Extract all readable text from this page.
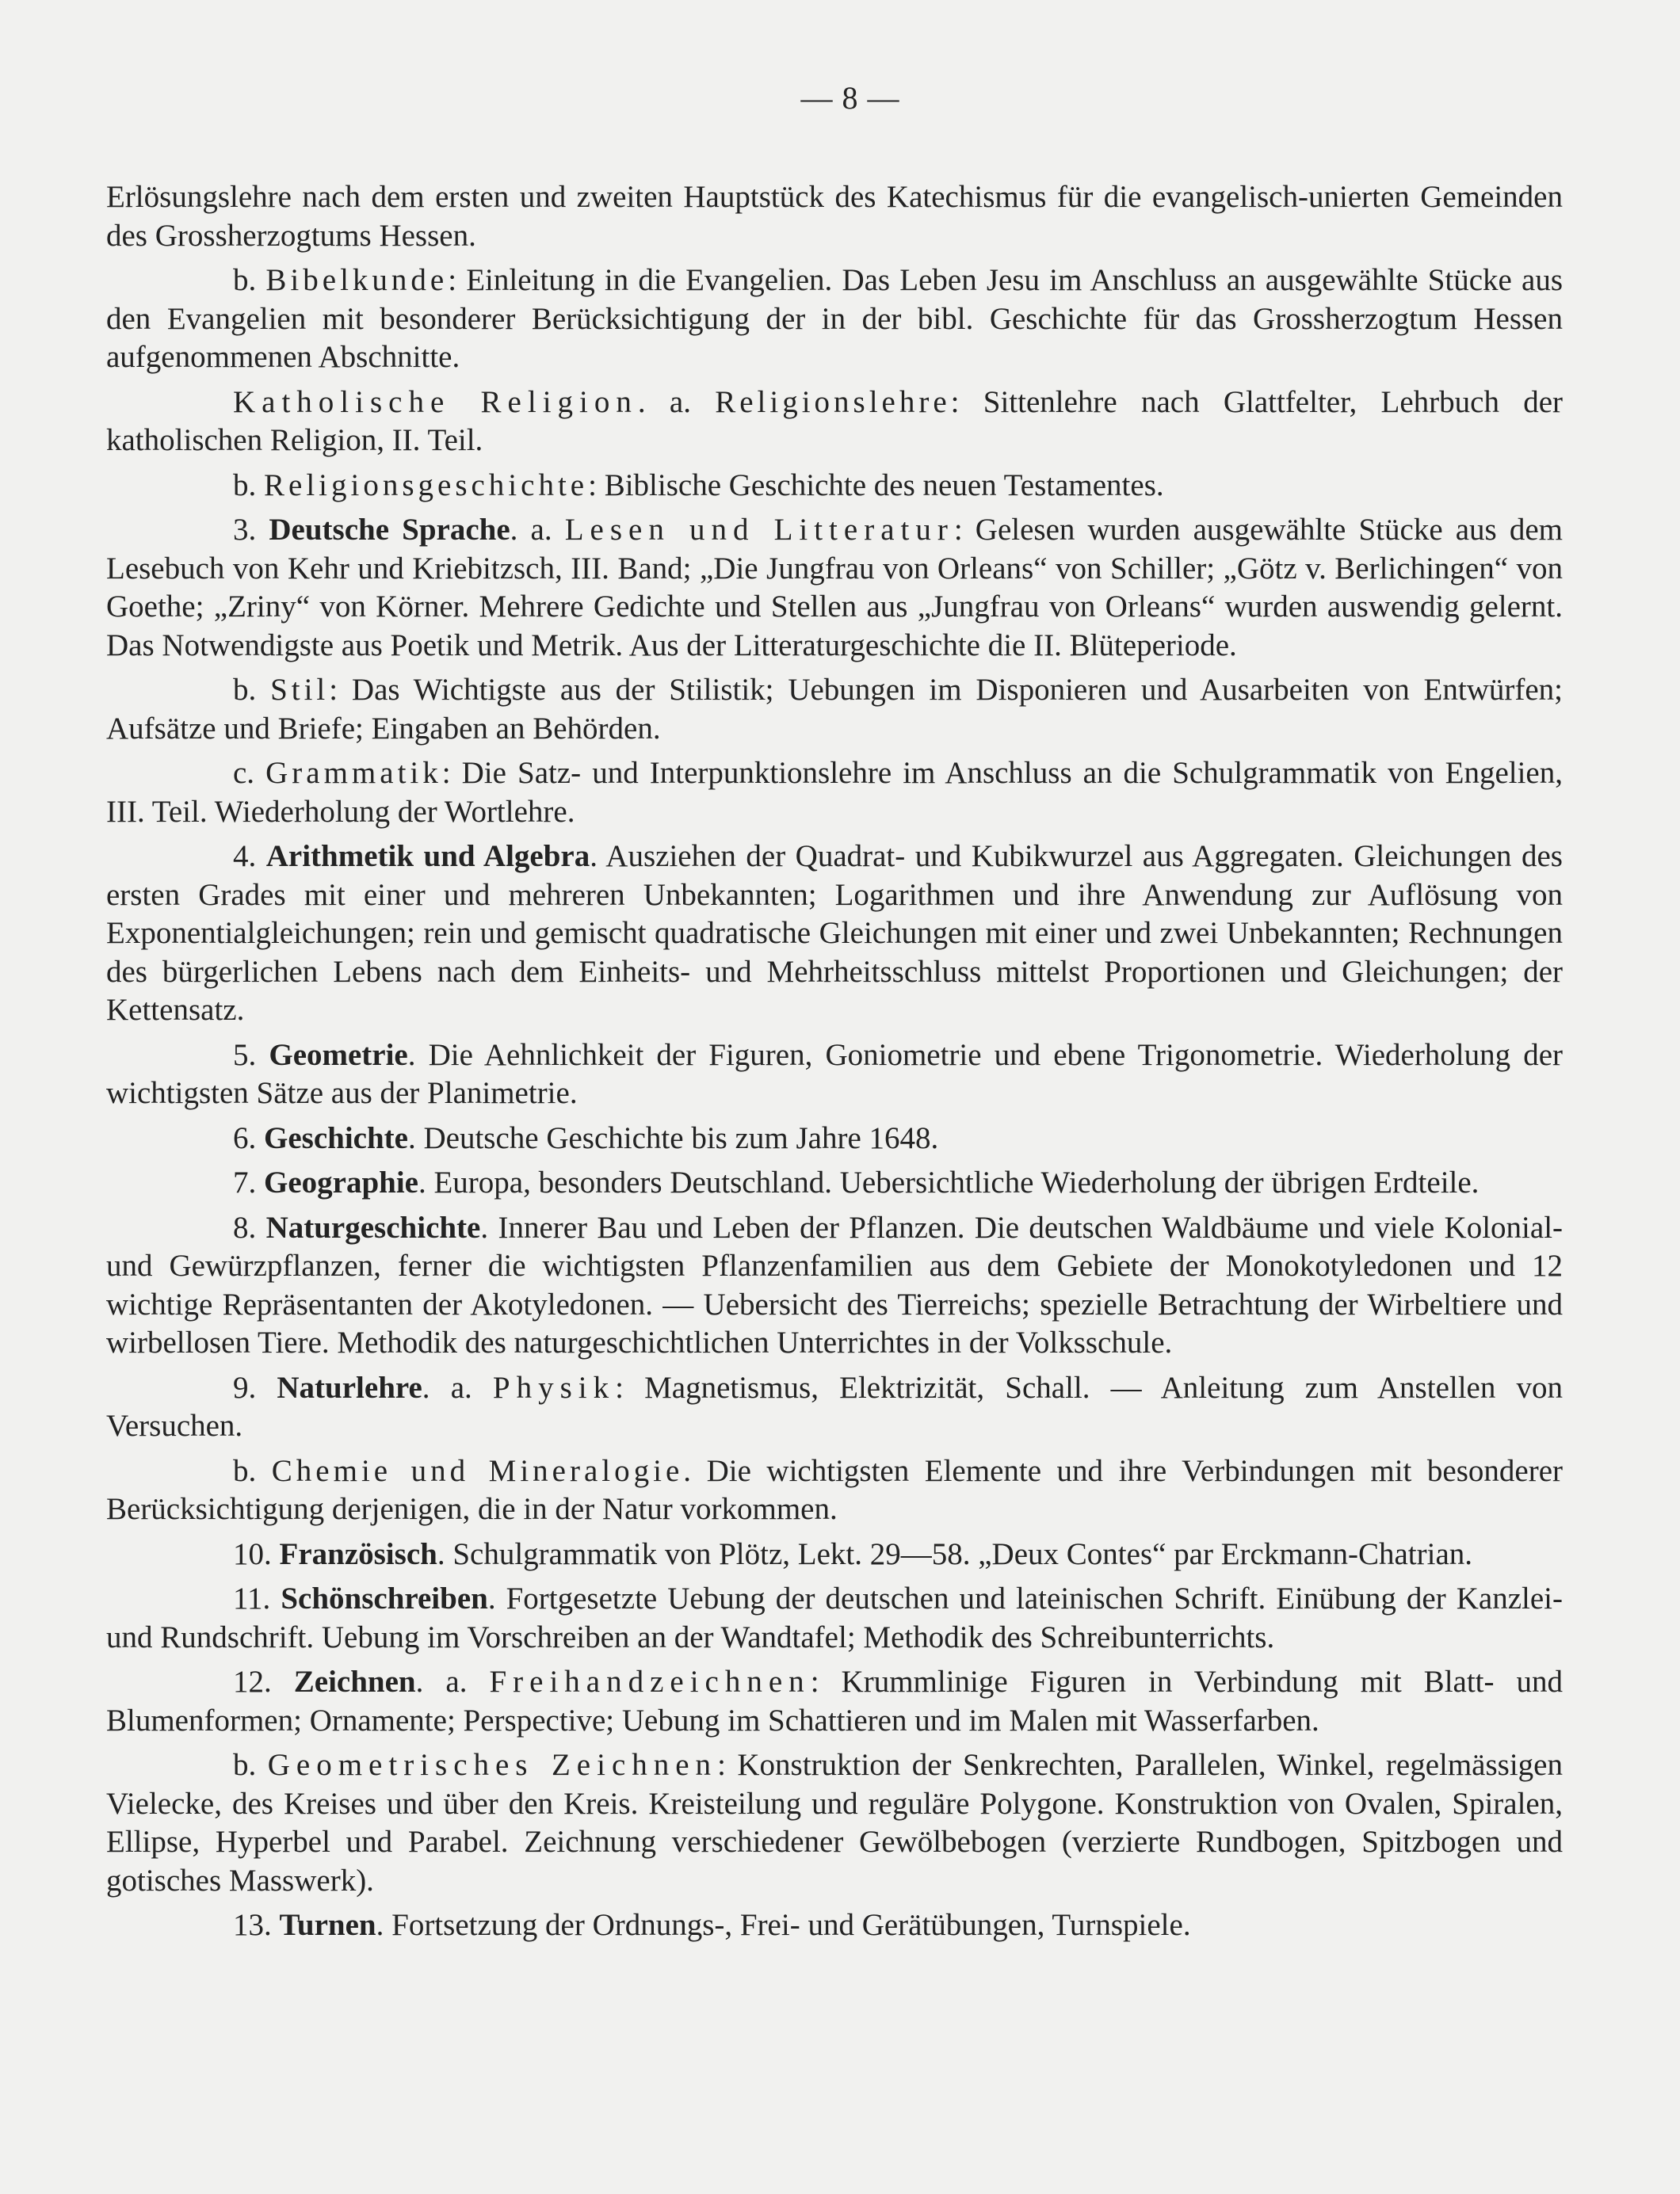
— 8 —

Erlösungslehre nach dem ersten und zweiten Hauptstück des Katechismus für die evangelisch-unierten Gemeinden des Grossherzogtums Hessen.

b. Bibelkunde: Einleitung in die Evangelien. Das Leben Jesu im Anschluss an ausgewählte Stücke aus den Evangelien mit besonderer Berücksichtigung der in der bibl. Geschichte für das Grossherzogtum Hessen aufgenommenen Abschnitte.

Katholische Religion. a. Religionslehre: Sittenlehre nach Glattfelter, Lehrbuch der katholischen Religion, II. Teil.

b. Religionsgeschichte: Biblische Geschichte des neuen Testamentes.

3. Deutsche Sprache. a. Lesen und Litteratur: Gelesen wurden ausgewählte Stücke aus dem Lesebuch von Kehr und Kriebitzsch, III. Band; „Die Jungfrau von Orleans“ von Schiller; „Götz v. Berlichingen“ von Goethe; „Zriny“ von Körner. Mehrere Gedichte und Stellen aus „Jungfrau von Orleans“ wurden auswendig gelernt. Das Notwendigste aus Poetik und Metrik. Aus der Litteraturgeschichte die II. Blüteperiode.

b. Stil: Das Wichtigste aus der Stilistik; Uebungen im Disponieren und Ausarbeiten von Entwürfen; Aufsätze und Briefe; Eingaben an Behörden.

c. Grammatik: Die Satz- und Interpunktionslehre im Anschluss an die Schulgrammatik von Engelien, III. Teil. Wiederholung der Wortlehre.

4. Arithmetik und Algebra. Ausziehen der Quadrat- und Kubikwurzel aus Aggregaten. Gleichungen des ersten Grades mit einer und mehreren Unbekannten; Logarithmen und ihre Anwendung zur Auflösung von Exponentialgleichungen; rein und gemischt quadratische Gleichungen mit einer und zwei Unbekannten; Rechnungen des bürgerlichen Lebens nach dem Einheits- und Mehrheitsschluss mittelst Proportionen und Gleichungen; der Kettensatz.

5. Geometrie. Die Aehnlichkeit der Figuren, Goniometrie und ebene Trigonometrie. Wiederholung der wichtigsten Sätze aus der Planimetrie.

6. Geschichte. Deutsche Geschichte bis zum Jahre 1648.

7. Geographie. Europa, besonders Deutschland. Uebersichtliche Wiederholung der übrigen Erdteile.

8. Naturgeschichte. Innerer Bau und Leben der Pflanzen. Die deutschen Waldbäume und viele Kolonial- und Gewürzpflanzen, ferner die wichtigsten Pflanzenfamilien aus dem Gebiete der Monokotyledonen und 12 wichtige Repräsentanten der Akotyledonen. — Uebersicht des Tierreichs; spezielle Betrachtung der Wirbeltiere und wirbellosen Tiere. Methodik des naturgeschichtlichen Unterrichtes in der Volksschule.

9. Naturlehre. a. Physik: Magnetismus, Elektrizität, Schall. — Anleitung zum Anstellen von Versuchen.

b. Chemie und Mineralogie. Die wichtigsten Elemente und ihre Verbindungen mit besonderer Berücksichtigung derjenigen, die in der Natur vorkommen.

10. Französisch. Schulgrammatik von Plötz, Lekt. 29—58. „Deux Contes“ par Erckmann-Chatrian.

11. Schönschreiben. Fortgesetzte Uebung der deutschen und lateinischen Schrift. Einübung der Kanzlei- und Rundschrift. Uebung im Vorschreiben an der Wandtafel; Methodik des Schreibunterrichts.

12. Zeichnen. a. Freihandzeichnen: Krummlinige Figuren in Verbindung mit Blatt- und Blumenformen; Ornamente; Perspective; Uebung im Schattieren und im Malen mit Wasserfarben.

b. Geometrisches Zeichnen: Konstruktion der Senkrechten, Parallelen, Winkel, regelmässigen Vielecke, des Kreises und über den Kreis. Kreisteilung und reguläre Polygone. Konstruktion von Ovalen, Spiralen, Ellipse, Hyperbel und Parabel. Zeichnung verschiedener Gewölbebogen (verzierte Rundbogen, Spitzbogen und gotisches Masswerk).

13. Turnen. Fortsetzung der Ordnungs-, Frei- und Gerätübungen, Turnspiele.
